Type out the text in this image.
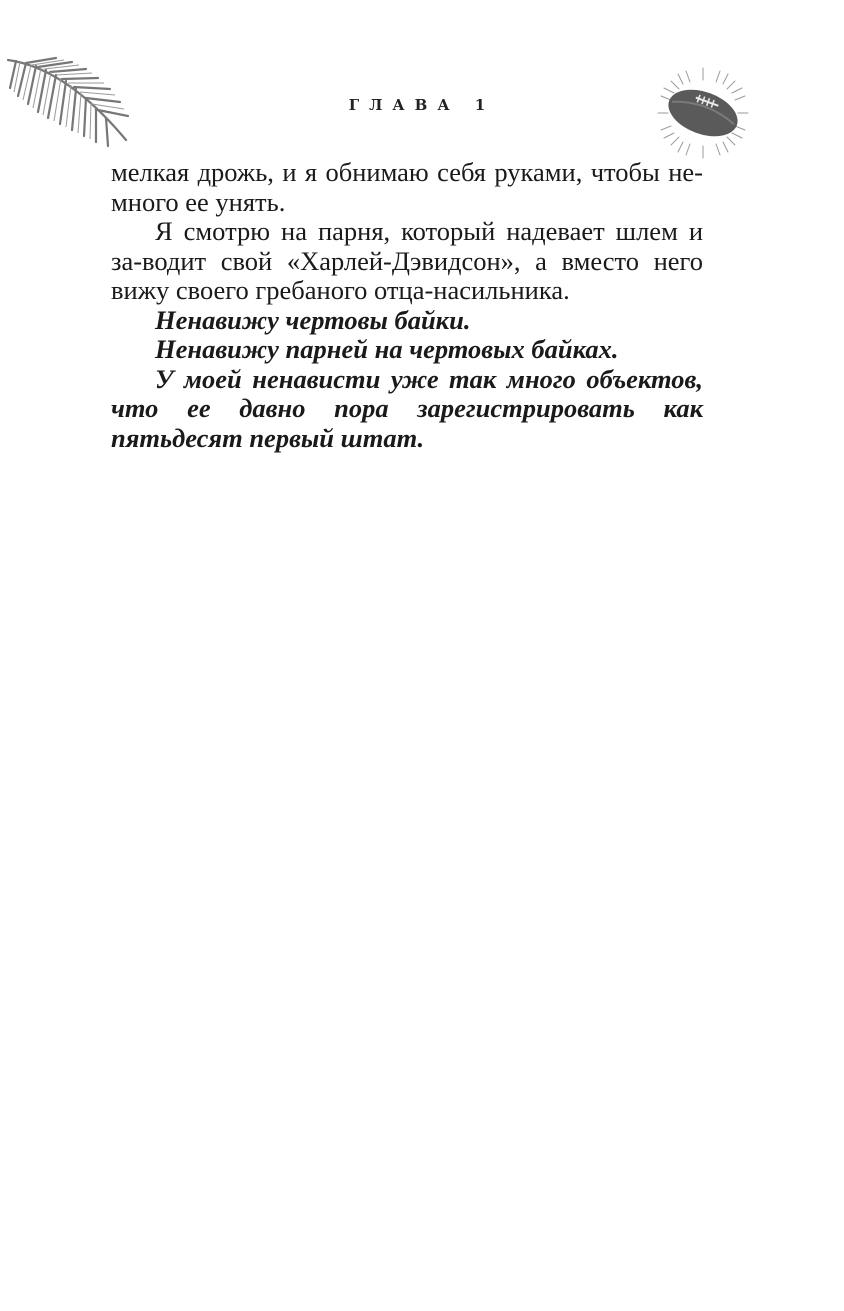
ГЛАВА 1

мелкая дрожь, и я обнимаю себя руками, чтобы не-много ее унять.

Я смотрю на парня, который надевает шлем и за-водит свой «Харлей-Дэвидсон», а вместо него вижу своего гребаного отца-насильника.

Ненавижу чертовы байки.

Ненавижу парней на чертовых байках.

У моей ненависти уже так много объектов, что ее давно пора зарегистрировать как пятьдесят первый штат.
